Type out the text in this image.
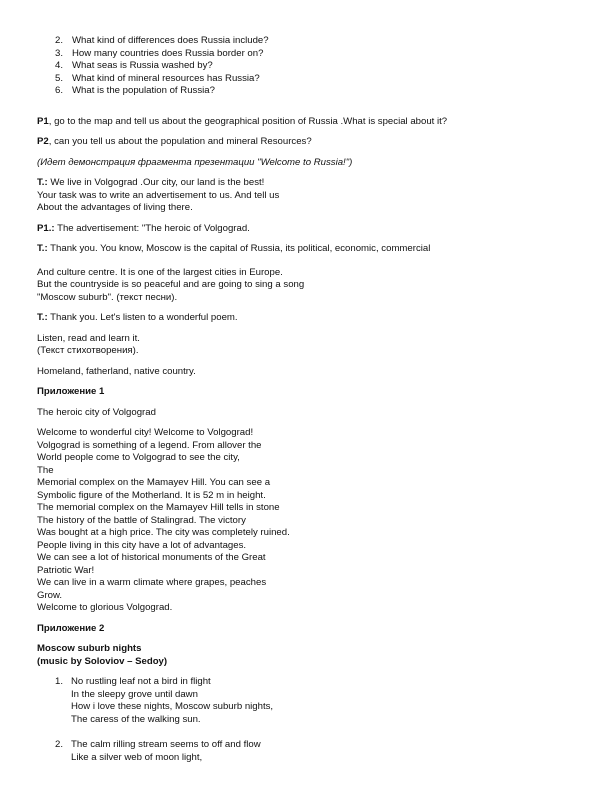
2. What kind of differences does Russia include?
3. How many countries does Russia border on?
4. What seas is Russia washed by?
5. What kind of mineral resources has Russia?
6. What is the population of Russia?

P1, go to the map and tell us about the geographical position of Russia .What is special about it?

P2, can you tell us about the population and mineral Resources?

(Идет демонстрация фрагмента презентации "Welcome to Russia!")

T.: We live in Volgograd .Our city, our land is the best!

Your task was to write an advertisement to us. And tell us

About the advantages of living there.

P1.: The advertisement: "The heroic of Volgograd.

T.: Thank you. You know, Moscow is the capital of Russia, its political, economic, commercial

And culture centre. It is one of the largest cities in Europe.

But the countryside is so peaceful and are going to sing a song

"Moscow suburb". (текст песни).

T.: Thank you. Let's listen to a wonderful poem.

Listen, read and learn it.

(Текст стихотворения).

Homeland, fatherland, native country.

Приложение 1

The heroic city of Volgograd

Welcome to wonderful city! Welcome to Volgograd!

Volgograd is something of a legend. From allover the

World people come to Volgograd to see the city,

The

Memorial complex on the Mamayev Hill. You can see a

Symbolic figure of the Motherland. It is 52 m in height.

The memorial complex on the Mamayev Hill tells in stone

The history of the battle of Stalingrad. The victory

Was bought at a high price. The city was completely ruined.

People living in this city have a lot of advantages.

We can see a lot of historical monuments of the Great

Patriotic War!

We can live in a warm climate where grapes, peaches

Grow.

Welcome to glorious Volgograd.

Приложение 2

Moscow suburb nights

(music by Soloviov – Sedoy)

1. No rustling leaf not a bird in flight

In the sleepy grove until dawn

How i love these nights, Moscow suburb nights,

The caress of the walking sun.

2. The calm rilling stream seems to off and flow

Like a silver web of moon light,
